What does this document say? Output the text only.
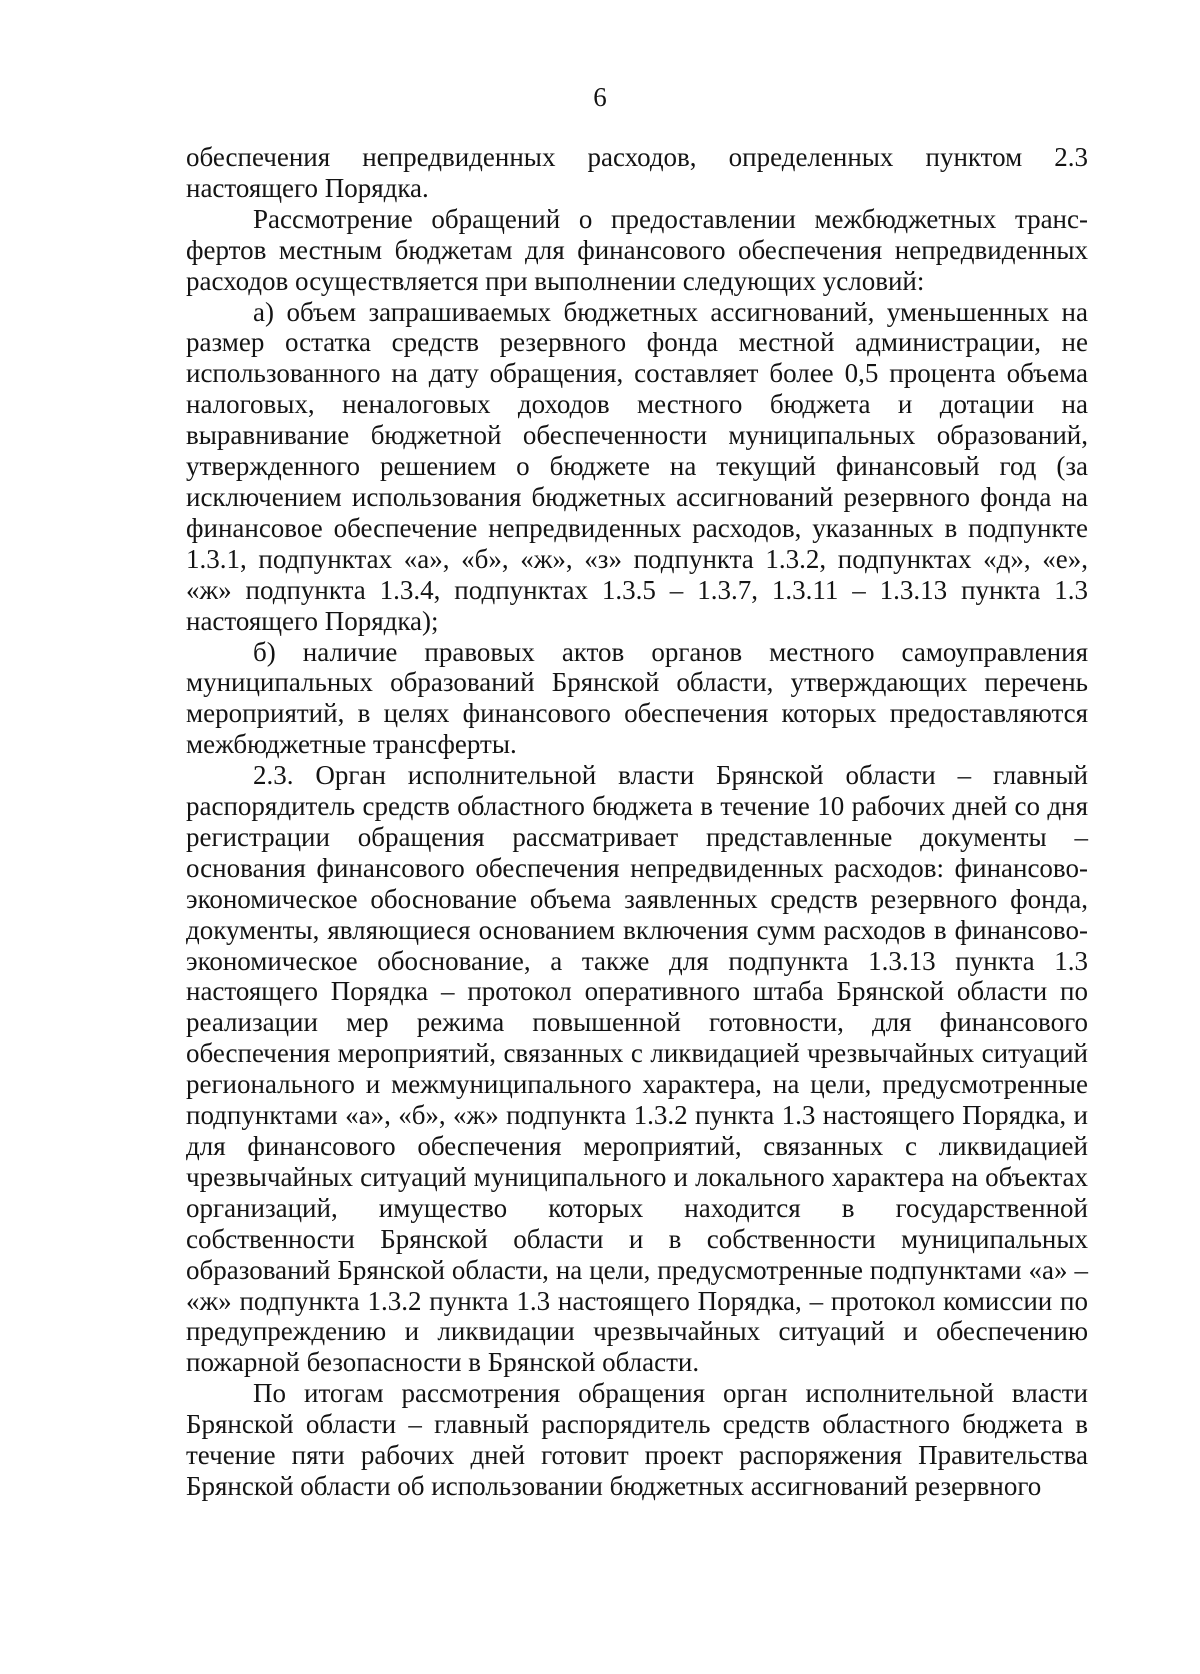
6

обеспечения непредвиденных расходов, определенных пунктом 2.3 настоящего Порядка.

Рассмотрение обращений о предоставлении межбюджетных трансфертов местным бюджетам для финансового обеспечения непредвиденных расходов осуществляется при выполнении следующих условий:

а) объем запрашиваемых бюджетных ассигнований, уменьшенных на размер остатка средств резервного фонда местной администрации, не использованного на дату обращения, составляет более 0,5 процента объема налоговых, неналоговых доходов местного бюджета и дотации на выравнивание бюджетной обеспеченности муниципальных образований, утвержденного решением о бюджете на текущий финансовый год (за исключением использования бюджетных ассигнований резервного фонда на финансовое обеспечение непредвиденных расходов, указанных в подпункте 1.3.1, подпунктах «а», «б», «ж», «з» подпункта 1.3.2, подпунктах «д», «е», «ж» подпункта 1.3.4, подпунктах 1.3.5 – 1.3.7, 1.3.11 – 1.3.13 пункта 1.3 настоящего Порядка);

б) наличие правовых актов органов местного самоуправления муниципальных образований Брянской области, утверждающих перечень мероприятий, в целях финансового обеспечения которых предоставляются межбюджетные трансферты.

2.3. Орган исполнительной власти Брянской области – главный распорядитель средств областного бюджета в течение 10 рабочих дней со дня регистрации обращения рассматривает представленные документы – основания финансового обеспечения непредвиденных расходов: финансово-экономическое обоснование объема заявленных средств резервного фонда, документы, являющиеся основанием включения сумм расходов в финансово-экономическое обоснование, а также для подпункта 1.3.13 пункта 1.3 настоящего Порядка – протокол оперативного штаба Брянской области по реализации мер режима повышенной готовности, для финансового обеспечения мероприятий, связанных с ликвидацией чрезвычайных ситуаций регионального и межмуниципального характера, на цели, предусмотренные подпунктами «а», «б», «ж» подпункта 1.3.2 пункта 1.3 настоящего Порядка, и для финансового обеспечения мероприятий, связанных с ликвидацией чрезвычайных ситуаций муниципального и локального характера на объектах организаций, имущество которых находится в государственной собственности Брянской области и в собственности муниципальных образований Брянской области, на цели, предусмотренные подпунктами «а» – «ж» подпункта 1.3.2 пункта 1.3 настоящего Порядка, – протокол комиссии по предупреждению и ликвидации чрезвычайных ситуаций и обеспечению пожарной безопасности в Брянской области.

По итогам рассмотрения обращения орган исполнительной власти Брянской области – главный распорядитель средств областного бюджета в течение пяти рабочих дней готовит проект распоряжения Правительства Брянской области об использовании бюджетных ассигнований резервного
